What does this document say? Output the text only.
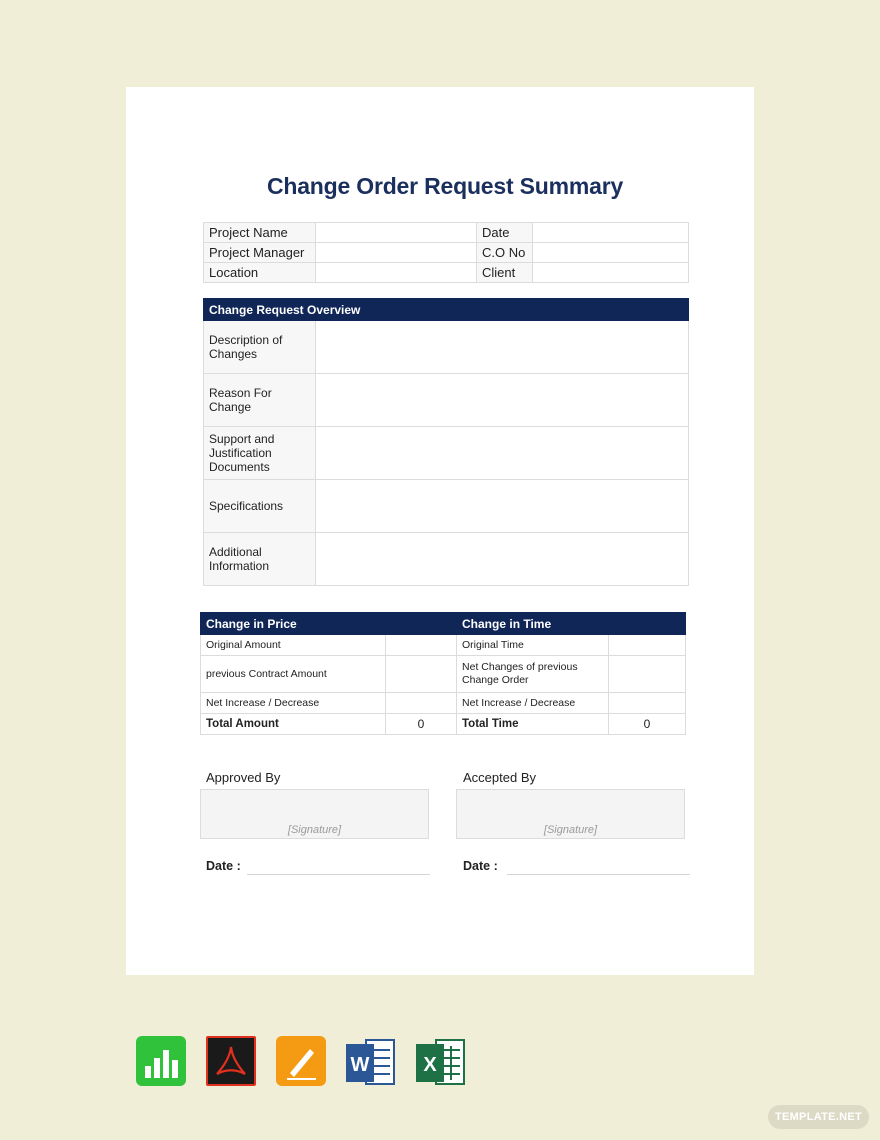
Change Order Request Summary
Project Name		Date	
Project Manager		C.O No	
Location		Client	
Change Request Overview	
Description of Changes	
Reason For Change	
Support and Justification Documents	
Specifications	
Additional Information	
Change in Price		Change in Time	
Original Amount		Original Time	
previous Contract Amount		Net Changes of previous Change Order	
Net Increase / Decrease		Net Increase / Decrease	
Total Amount	0	Total Time	0
Approved By	Accepted By
[Signature]	[Signature]
Date :	Date :
W	X
TEMPLATE.NET
